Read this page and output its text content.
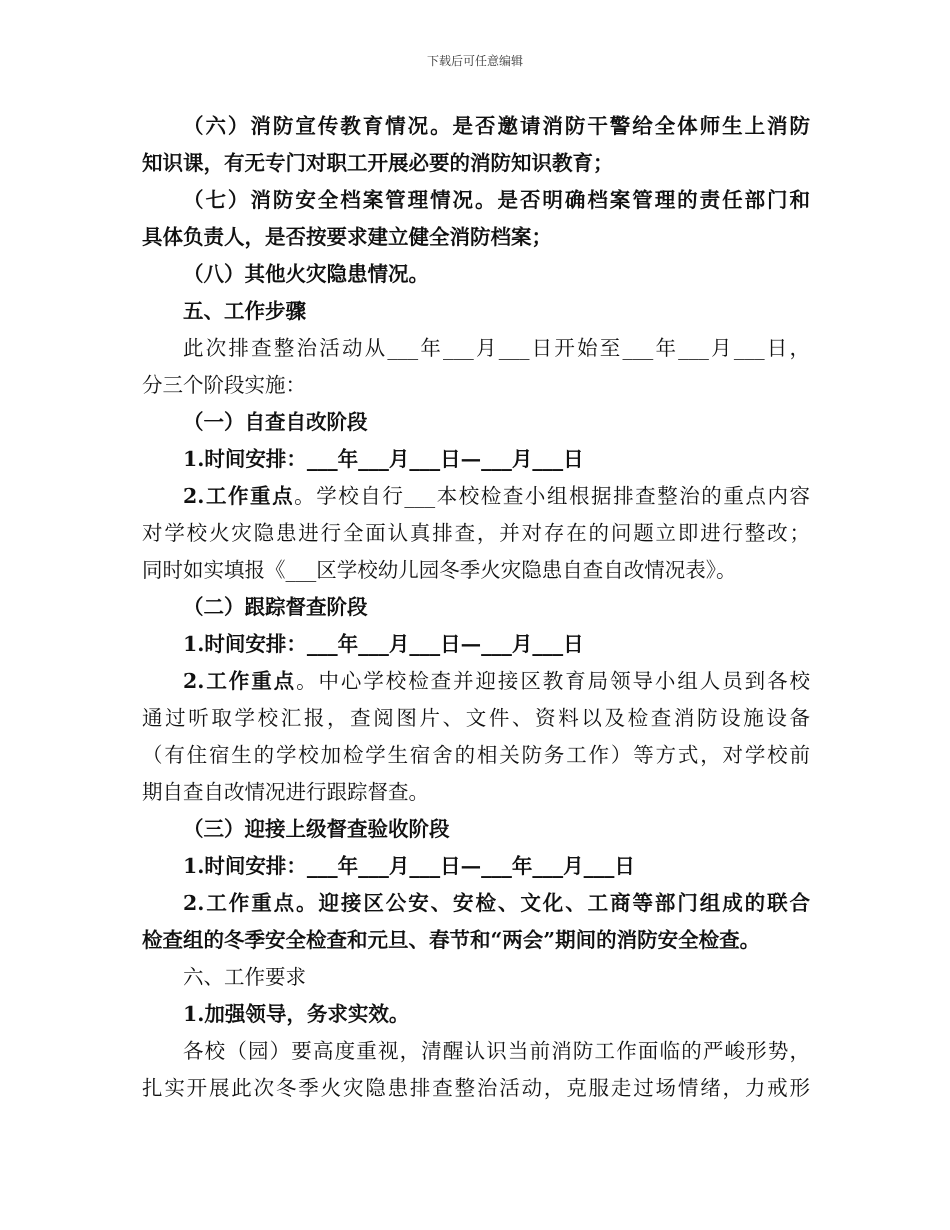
下载后可任意编辑

（六）消防宣传教育情况。是否邀请消防干警给全体师生上消防

知识课，有无专门对职工开展必要的消防知识教育；

（七）消防安全档案管理情况。是否明确档案管理的责任部门和

具体负责人，是否按要求建立健全消防档案；

（八）其他火灾隐患情况。

五、工作步骤

此次排查整治活动从___年___月___日开始至___年___月___日，

分三个阶段实施：

（一）自查自改阶段

1.时间安排：___年___月___日—___月___日

2.工作重点。学校自行___本校检查小组根据排查整治的重点内容

对学校火灾隐患进行全面认真排查，并对存在的问题立即进行整改；

同时如实填报《___区学校幼儿园冬季火灾隐患自查自改情况表》。

（二）跟踪督查阶段

1.时间安排：___年___月___日—___月___日

2.工作重点。中心学校检查并迎接区教育局领导小组人员到各校

通过听取学校汇报，查阅图片、文件、资料以及检查消防设施设备

（有住宿生的学校加检学生宿舍的相关防务工作）等方式，对学校前

期自查自改情况进行跟踪督查。

（三）迎接上级督查验收阶段

1.时间安排：___年___月___日—___年___月___日

2.工作重点。迎接区公安、安检、文化、工商等部门组成的联合

检查组的冬季安全检查和元旦、春节和“两会”期间的消防安全检查。

六、工作要求

1.加强领导，务求实效。

各校（园）要高度重视，清醒认识当前消防工作面临的严峻形势，

扎实开展此次冬季火灾隐患排查整治活动，克服走过场情绪，力戒形
